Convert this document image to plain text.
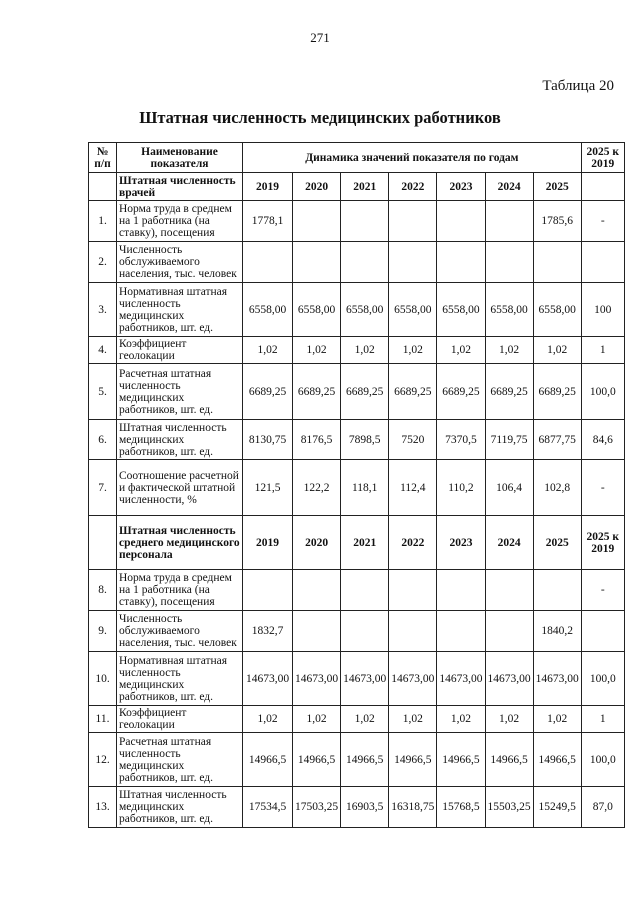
271
Таблица 20
Штатная численность медицинских работников
№ п/п	Наименование показателя	Динамика значений показателя по годам							2025 к 2019
	Штатная численность врачей	2019	2020	2021	2022	2023	2024	2025	
1.	Норма труда в среднем на 1 работника (на ставку), посещения	1778,1						1785,6	-
2.	Численность обслуживаемого населения, тыс. человек								
3.	Нормативная штатная численность медицинских работников, шт. ед.	6558,00	6558,00	6558,00	6558,00	6558,00	6558,00	6558,00	100
4.	Коэффициент геолокации	1,02	1,02	1,02	1,02	1,02	1,02	1,02	1
5.	Расчетная штатная численность медицинских работников, шт. ед.	6689,25	6689,25	6689,25	6689,25	6689,25	6689,25	6689,25	100,0
6.	Штатная численность медицинских работников, шт. ед.	8130,75	8176,5	7898,5	7520	7370,5	7119,75	6877,75	84,6
7.	Соотношение расчетной и фактической штатной численности, %	121,5	122,2	118,1	112,4	110,2	106,4	102,8	-
	Штатная численность среднего медицинского персонала	2019	2020	2021	2022	2023	2024	2025	2025 к 2019
8.	Норма труда в среднем на 1 работника (на ставку), посещения								-
9.	Численность обслуживаемого населения, тыс. человек	1832,7						1840,2	
10.	Нормативная штатная численность медицинских работников, шт. ед.	14673,00	14673,00	14673,00	14673,00	14673,00	14673,00	14673,00	100,0
11.	Коэффициент геолокации	1,02	1,02	1,02	1,02	1,02	1,02	1,02	1
12.	Расчетная штатная численность медицинских работников, шт. ед.	14966,5	14966,5	14966,5	14966,5	14966,5	14966,5	14966,5	100,0
13.	Штатная численность медицинских работников, шт. ед.	17534,5	17503,25	16903,5	16318,75	15768,5	15503,25	15249,5	87,0
